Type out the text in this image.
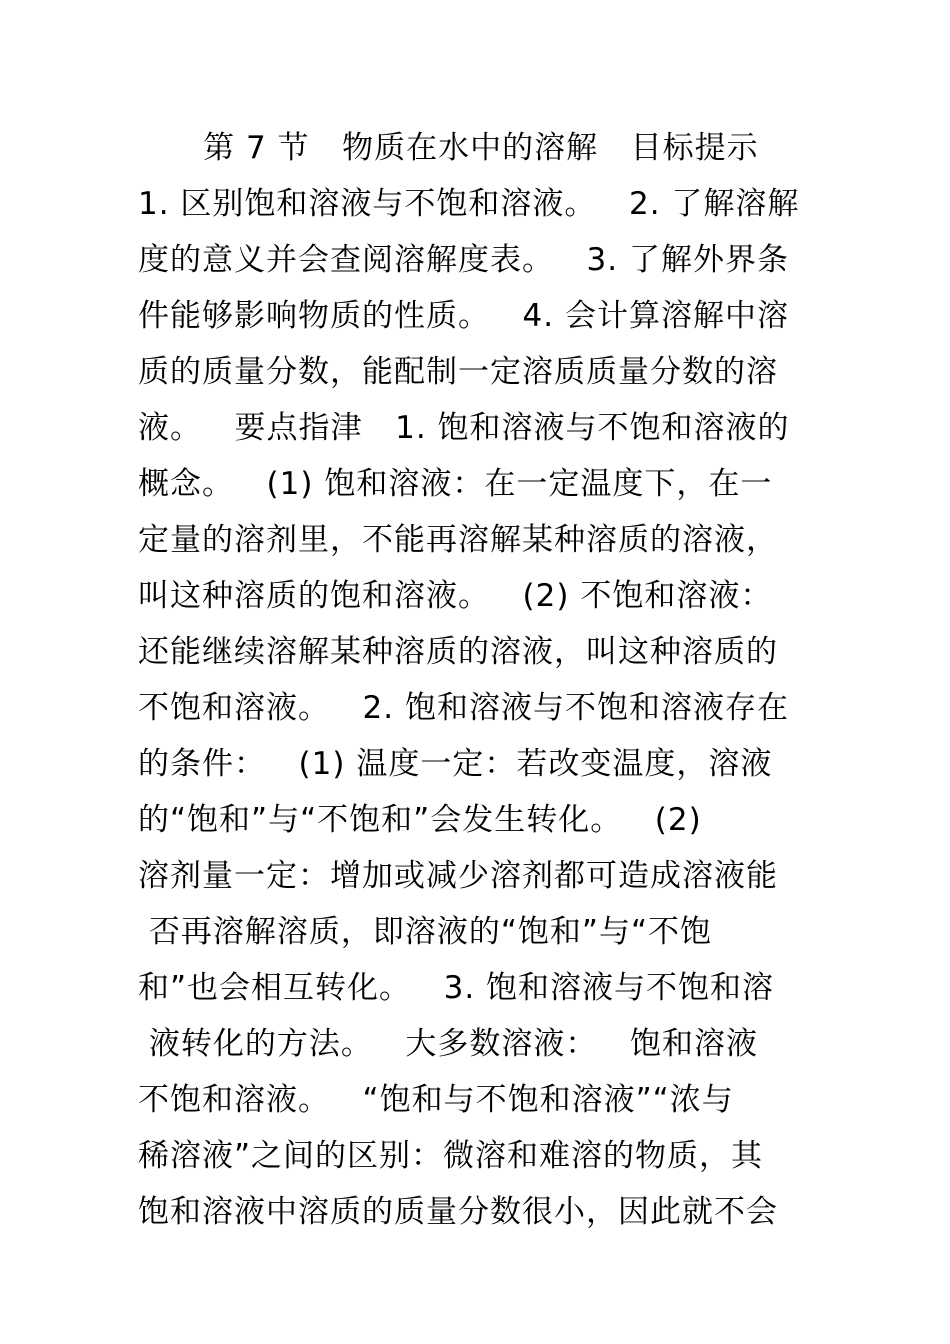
第 7 节   物质在水中的溶解   目标提示
1. 区别饱和溶液与不饱和溶液。   2. 了解溶解
度的意义并会查阅溶解度表。   3. 了解外界条
件能够影响物质的性质。   4. 会计算溶解中溶
质的质量分数，能配制一定溶质质量分数的溶
液。   要点指津   1. 饱和溶液与不饱和溶液的
概念。   (1) 饱和溶液：在一定温度下，在一
定量的溶剂里，不能再溶解某种溶质的溶液，
叫这种溶质的饱和溶液。   (2) 不饱和溶液：
还能继续溶解某种溶质的溶液，叫这种溶质的
不饱和溶液。   2. 饱和溶液与不饱和溶液存在
的条件：   (1) 温度一定：若改变温度，溶液
的“饱和”与“不饱和”会发生转化。   (2)
溶剂量一定：增加或减少溶剂都可造成溶液能
否再溶解溶质，即溶液的“饱和”与“不饱
和”也会相互转化。   3. 饱和溶液与不饱和溶
液转化的方法。   大多数溶液：   饱和溶液
不饱和溶液。   “饱和与不饱和溶液”“浓与
稀溶液”之间的区别：微溶和难溶的物质，其
饱和溶液中溶质的质量分数很小，因此就不会
